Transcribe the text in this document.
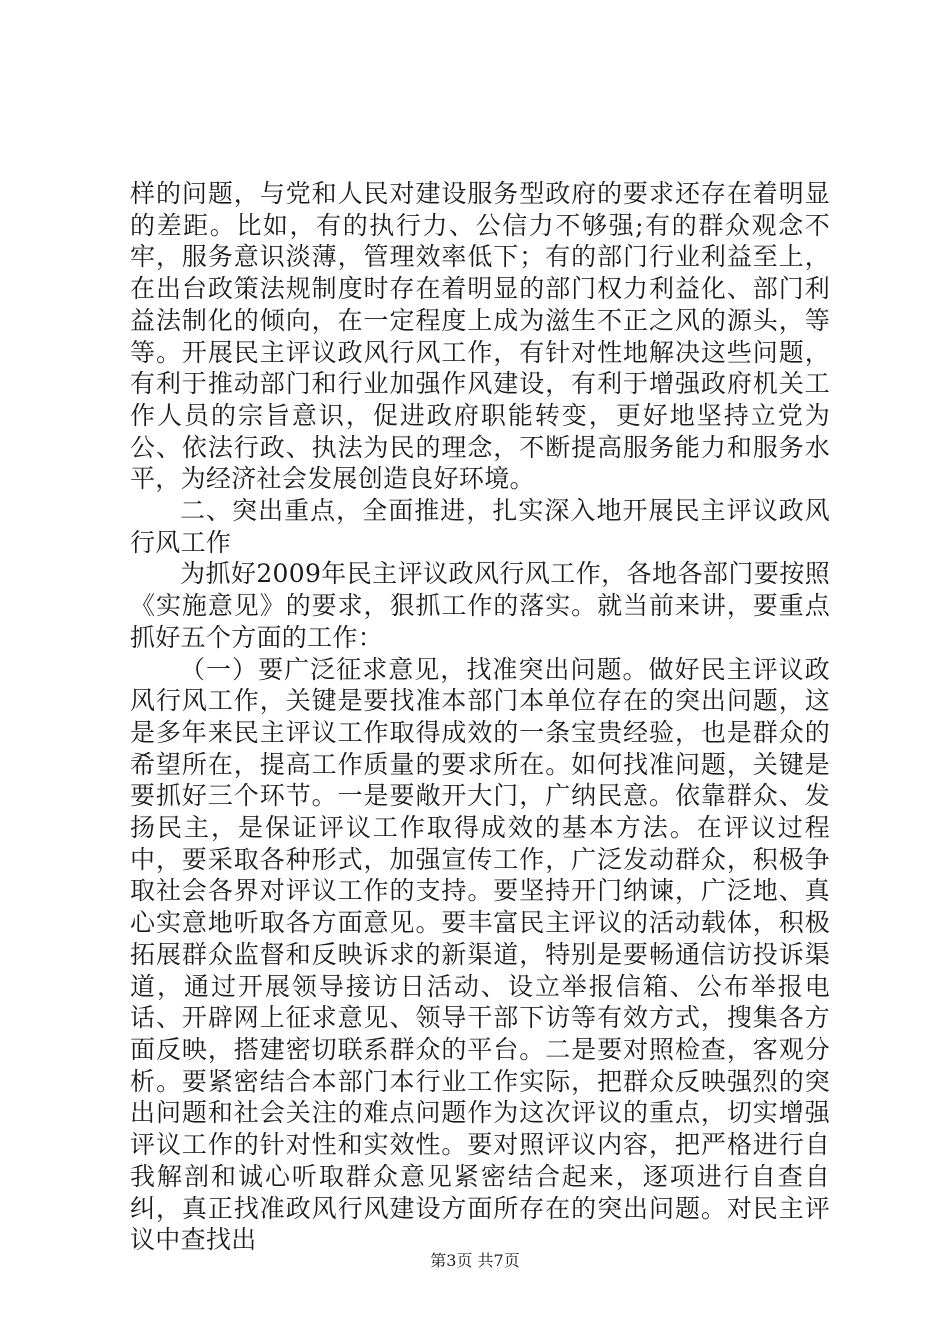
样的问题，与党和人民对建设服务型政府的要求还存在着明显的差距。比如，有的执行力、公信力不够强;有的群众观念不牢，服务意识淡薄，管理效率低下；有的部门行业利益至上，在出台政策法规制度时存在着明显的部门权力利益化、部门利益法制化的倾向，在一定程度上成为滋生不正之风的源头，等等。开展民主评议政风行风工作，有针对性地解决这些问题，有利于推动部门和行业加强作风建设，有利于增强政府机关工作人员的宗旨意识，促进政府职能转变，更好地坚持立党为公、依法行政、执法为民的理念，不断提高服务能力和服务水平，为经济社会发展创造良好环境。

二、突出重点，全面推进，扎实深入地开展民主评议政风行风工作

为抓好2009年民主评议政风行风工作，各地各部门要按照《实施意见》的要求，狠抓工作的落实。就当前来讲，要重点抓好五个方面的工作：

（一）要广泛征求意见，找准突出问题。做好民主评议政风行风工作，关键是要找准本部门本单位存在的突出问题，这是多年来民主评议工作取得成效的一条宝贵经验，也是群众的希望所在，提高工作质量的要求所在。如何找准问题，关键是要抓好三个环节。一是要敞开大门，广纳民意。依靠群众、发扬民主，是保证评议工作取得成效的基本方法。在评议过程中，要采取各种形式，加强宣传工作，广泛发动群众，积极争取社会各界对评议工作的支持。要坚持开门纳谏，广泛地、真心实意地听取各方面意见。要丰富民主评议的活动载体，积极拓展群众监督和反映诉求的新渠道，特别是要畅通信访投诉渠道，通过开展领导接访日活动、设立举报信箱、公布举报电话、开辟网上征求意见、领导干部下访等有效方式，搜集各方面反映，搭建密切联系群众的平台。二是要对照检查，客观分析。要紧密结合本部门本行业工作实际，把群众反映强烈的突出问题和社会关注的难点问题作为这次评议的重点，切实增强评议工作的针对性和实效性。要对照评议内容，把严格进行自我解剖和诚心听取群众意见紧密结合起来，逐项进行自查自纠，真正找准政风行风建设方面所存在的突出问题。对民主评议中查找出

第3页 共7页
